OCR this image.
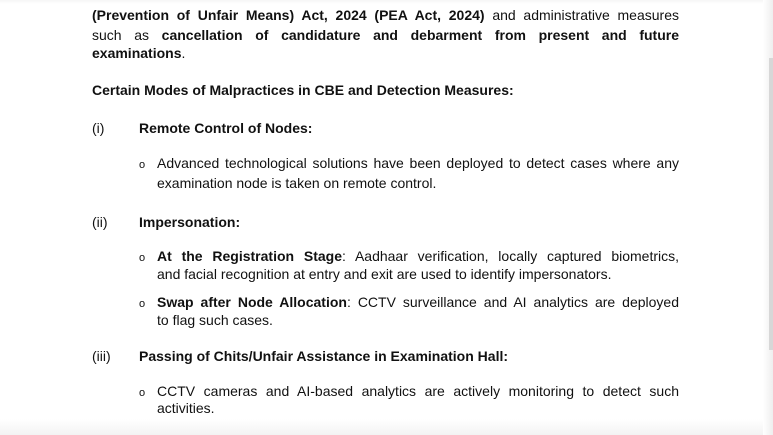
(Prevention of Unfair Means) Act, 2024 (PEA Act, 2024) and administrative measures

such as cancellation of candidature and debarment from present and future

examinations.

Certain Modes of Malpractices in CBE and Detection Measures:
(i) Remote Control of Nodes:
o Advanced technological solutions have been deployed to detect cases where any

examination node is taken on remote control.

(ii) Impersonation:
o At the Registration Stage: Aadhaar verification, locally captured biometrics,

and facial recognition at entry and exit are used to identify impersonators.

o Swap after Node Allocation: CCTV surveillance and AI analytics are deployed

to flag such cases.

(iii) Passing of Chits/Unfair Assistance in Examination Hall:
o CCTV cameras and AI-based analytics are actively monitoring to detect such

activities.
